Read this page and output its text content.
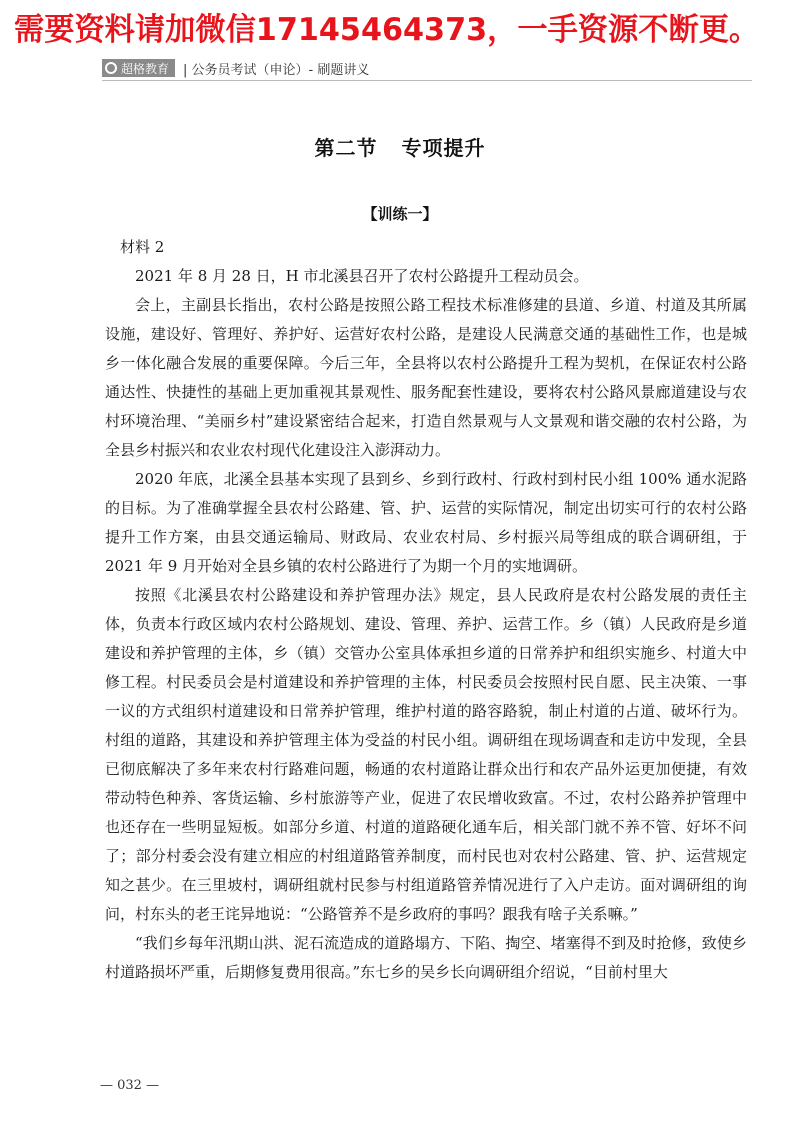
需要资料请加微信17145464373，一手资源不断更。
超格教育 | 公务员考试（申论）- 刷题讲义
第二节 专项提升
【训练一】

材料 2

2021 年 8 月 28 日，H 市北溪县召开了农村公路提升工程动员会。

会上，主副县长指出，农村公路是按照公路工程技术标准修建的县道、乡道、村道及其所属设施，建设好、管理好、养护好、运营好农村公路，是建设人民满意交通的基础性工作，也是城乡一体化融合发展的重要保障。今后三年，全县将以农村公路提升工程为契机，在保证农村公路通达性、快捷性的基础上更加重视其景观性、服务配套性建设，要将农村公路风景廊道建设与农村环境治理、“美丽乡村”建设紧密结合起来，打造自然景观与人文景观和谐交融的农村公路，为全县乡村振兴和农业农村现代化建设注入澎湃动力。

2020 年底，北溪全县基本实现了县到乡、乡到行政村、行政村到村民小组 100% 通水泥路的目标。为了准确掌握全县农村公路建、管、护、运营的实际情况，制定出切实可行的农村公路提升工作方案，由县交通运输局、财政局、农业农村局、乡村振兴局等组成的联合调研组，于 2021 年 9 月开始对全县乡镇的农村公路进行了为期一个月的实地调研。

按照《北溪县农村公路建设和养护管理办法》规定，县人民政府是农村公路发展的责任主体，负责本行政区域内农村公路规划、建设、管理、养护、运营工作。乡（镇）人民政府是乡道建设和养护管理的主体，乡（镇）交管办公室具体承担乡道的日常养护和组织实施乡、村道大中修工程。村民委员会是村道建设和养护管理的主体，村民委员会按照村民自愿、民主决策、一事一议的方式组织村道建设和日常养护管理，维护村道的路容路貌，制止村道的占道、破坏行为。村组的道路，其建设和养护管理主体为受益的村民小组。调研组在现场调查和走访中发现，全县已彻底解决了多年来农村行路难问题，畅通的农村道路让群众出行和农产品外运更加便捷，有效带动特色种养、客货运输、乡村旅游等产业，促进了农民增收致富。不过，农村公路养护管理中也还存在一些明显短板。如部分乡道、村道的道路硬化通车后，相关部门就不养不管、好坏不问了；部分村委会没有建立相应的村组道路管养制度，而村民也对农村公路建、管、护、运营规定知之甚少。在三里坡村，调研组就村民参与村组道路管养情况进行了入户走访。面对调研组的询问，村东头的老王诧异地说：“公路管养不是乡政府的事吗？跟我有啥子关系嘛。”

“我们乡每年汛期山洪、泥石流造成的道路塌方、下陷、掏空、堵塞得不到及时抢修，致使乡村道路损坏严重，后期修复费用很高。”东七乡的吴乡长向调研组介绍说，“目前村里大

— 032 —
